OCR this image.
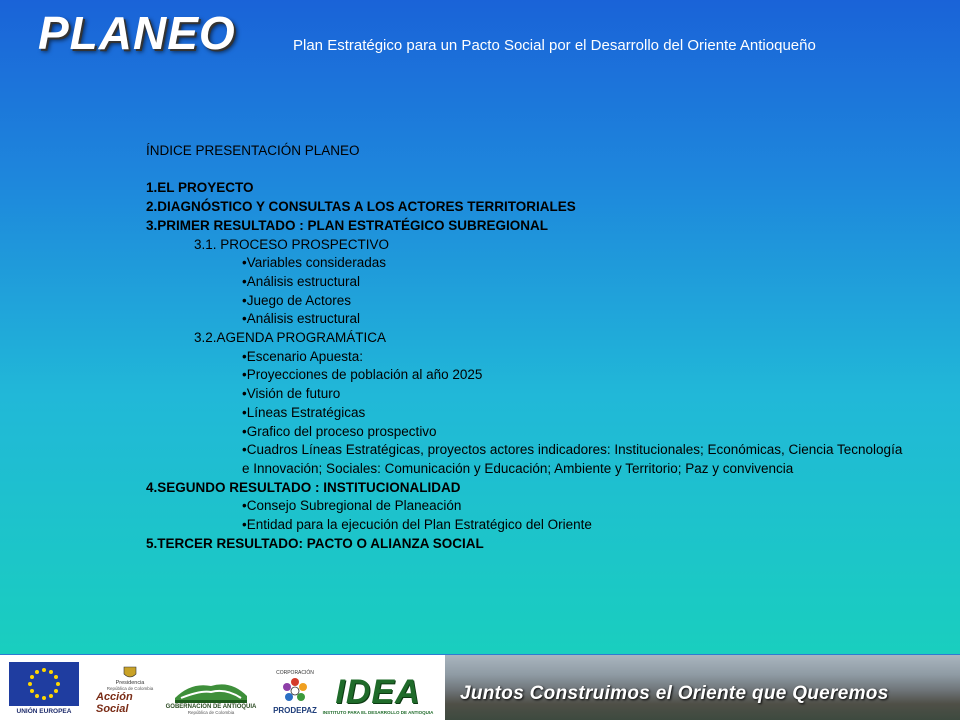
PLANEO	Plan Estratégico para un Pacto Social por el Desarrollo del Oriente Antioqueño
ÍNDICE PRESENTACIÓN PLANEO
1.EL PROYECTO
2.DIAGNÓSTICO Y CONSULTAS A LOS ACTORES TERRITORIALES
3.PRIMER RESULTADO : PLAN ESTRATÉGICO SUBREGIONAL
3.1. PROCESO PROSPECTIVO
•Variables consideradas
•Análisis estructural
•Juego de Actores
•Análisis estructural
3.2.AGENDA PROGRAMÁTICA
•Escenario Apuesta:
•Proyecciones de población al año 2025
•Visión de futuro
•Líneas Estratégicas
•Grafico del proceso prospectivo
•Cuadros Líneas Estratégicas, proyectos actores indicadores: Institucionales; Económicas, Ciencia Tecnología e Innovación; Sociales: Comunicación y Educación; Ambiente y Territorio; Paz y convivencia
4.SEGUNDO RESULTADO : INSTITUCIONALIDAD
•Consejo Subregional de Planeación
•Entidad para la ejecución del Plan Estratégico del Oriente
5.TERCER RESULTADO: PACTO O ALIANZA SOCIAL
Juntos Construimos el Oriente que Queremos
UNIÓN EUROPEA
Presidencia
República de Colombia
Acción Social	GOBERNACIÓN DE ANTIOQUIA
República de Colombia
CORPORACIÓN
PRODEPAZ IDEA
INSTITUTO PARA EL DESARROLLO DE ANTIOQUIA
